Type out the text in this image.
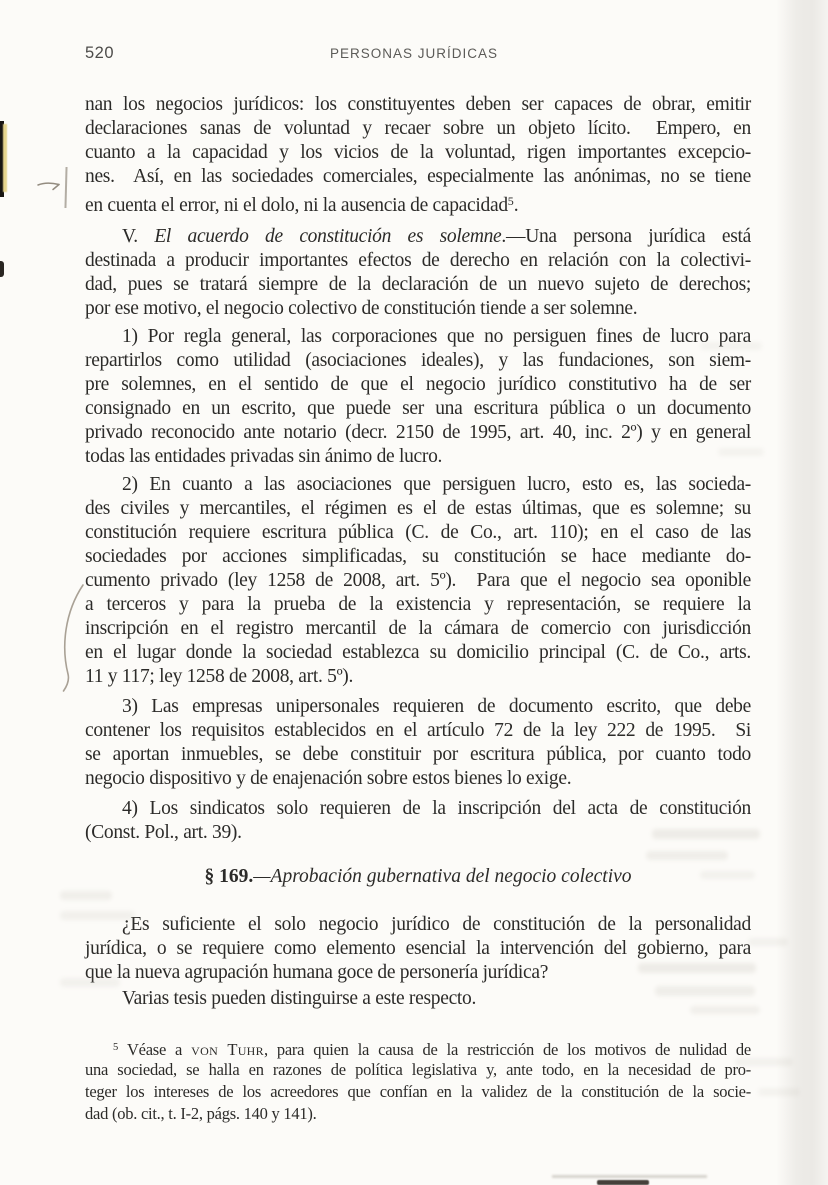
520	PERSONAS JURÍDICAS
nan los negocios jurídicos: los constituyentes deben ser capaces de obrar, emitir
declaraciones sanas de voluntad y recaer sobre un objeto lícito.  Empero, en
cuanto a la capacidad y los vicios de la voluntad, rigen importantes excepcio-
nes.  Así, en las sociedades comerciales, especialmente las anónimas, no se tiene
en cuenta el error, ni el dolo, ni la ausencia de capacidad$^5$.
V. El acuerdo de constitución es solemne.—Una persona jurídica está
destinada a producir importantes efectos de derecho en relación con la colectivi-
dad, pues se tratará siempre de la declaración de un nuevo sujeto de derechos;
por ese motivo, el negocio colectivo de constitución tiende a ser solemne.
1) Por regla general, las corporaciones que no persiguen fines de lucro para
repartirlos como utilidad (asociaciones ideales), y las fundaciones, son siem-
pre solemnes, en el sentido de que el negocio jurídico constitutivo ha de ser
consignado en un escrito, que puede ser una escritura pública o un documento
privado reconocido ante notario (decr. 2150 de 1995, art. 40, inc. 2º) y en general
todas las entidades privadas sin ánimo de lucro.
2) En cuanto a las asociaciones que persiguen lucro, esto es, las socieda-
des civiles y mercantiles, el régimen es el de estas últimas, que es solemne; su
constitución requiere escritura pública (C. de Co., art. 110); en el caso de las
sociedades por acciones simplificadas, su constitución se hace mediante do-
cumento privado (ley 1258 de 2008, art. 5º).  Para que el negocio sea oponible
a terceros y para la prueba de la existencia y representación, se requiere la
inscripción en el registro mercantil de la cámara de comercio con jurisdicción
en el lugar donde la sociedad establezca su domicilio principal (C. de Co., arts.
11 y 117; ley 1258 de 2008, art. 5º).
3) Las empresas unipersonales requieren de documento escrito, que debe
contener los requisitos establecidos en el artículo 72 de la ley 222 de 1995.  Si
se aportan inmuebles, se debe constituir por escritura pública, por cuanto todo
negocio dispositivo y de enajenación sobre estos bienes lo exige.
4) Los sindicatos solo requieren de la inscripción del acta de constitución
(Const. Pol., art. 39).
§ 169.—Aprobación gubernativa del negocio colectivo
¿Es suficiente el solo negocio jurídico de constitución de la personalidad
jurídica, o se requiere como elemento esencial la intervención del gobierno, para
que la nueva agrupación humana goce de personería jurídica?
Varias tesis pueden distinguirse a este respecto.
$^5$ Véase a von Tuhr, para quien la causa de la restricción de los motivos de nulidad de
una sociedad, se halla en razones de política legislativa y, ante todo, en la necesidad de pro-
teger los intereses de los acreedores que confían en la validez de la constitución de la socie-
dad (ob. cit., t. I-2, págs. 140 y 141).
